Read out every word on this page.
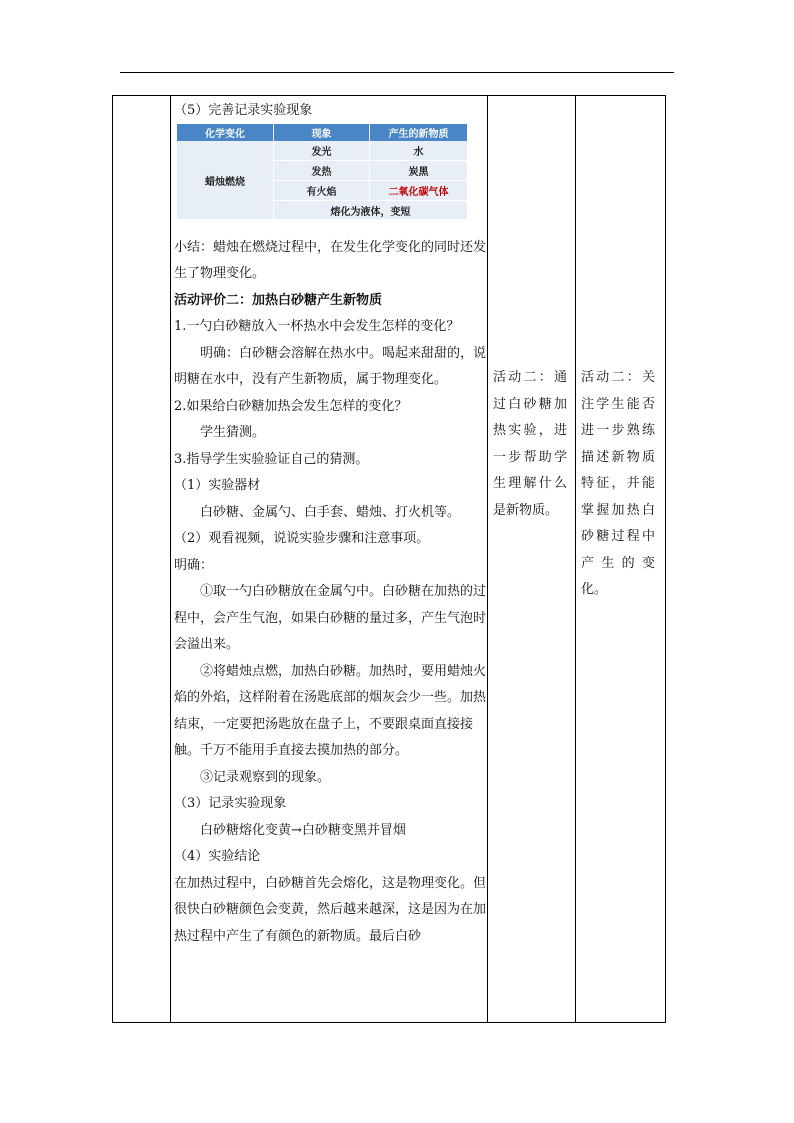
（5）完善记录实验现象

小结：蜡烛在燃烧过程中，在发生化学变化的同时还发生了物理变化。

活动评价二：加热白砂糖产生新物质

1.一勺白砂糖放入一杯热水中会发生怎样的变化？

明确：白砂糖会溶解在热水中。喝起来甜甜的，说明糖在水中，没有产生新物质，属于物理变化。

2.如果给白砂糖加热会发生怎样的变化？

学生猜测。

3.指导学生实验验证自己的猜测。

（1）实验器材

白砂糖、金属勺、白手套、蜡烛、打火机等。

（2）观看视频，说说实验步骤和注意事项。

明确：

①取一勺白砂糖放在金属勺中。白砂糖在加热的过程中，会产生气泡，如果白砂糖的量过多，产生气泡时会溢出来。

②将蜡烛点燃，加热白砂糖。加热时，要用蜡烛火焰的外焰，这样附着在汤匙底部的烟灰会少一些。加热结束，一定要把汤匙放在盘子上，不要跟桌面直接接触。千万不能用手直接去摸加热的部分。

③记录观察到的现象。

（3）记录实验现象

白砂糖熔化变黄→白砂糖变黑并冒烟

（4）实验结论

在加热过程中，白砂糖首先会熔化，这是物理变化。但很快白砂糖颜色会变黄，然后越来越深，这是因为在加热过程中产生了有颜色的新物质。最后白砂

化学变化	现象	产生的新物质
蜡烛燃烧
发光	水
发热	炭黑
有火焰	二氧化碳气体
熔化为液体，变短

活动二：通过白砂糖加热实验，进一步帮助学生理解什么是新物质。

活动二：关注学生能否进一步熟练描述新物质特征，并能掌握加热白砂糖过程中产生的变化。
